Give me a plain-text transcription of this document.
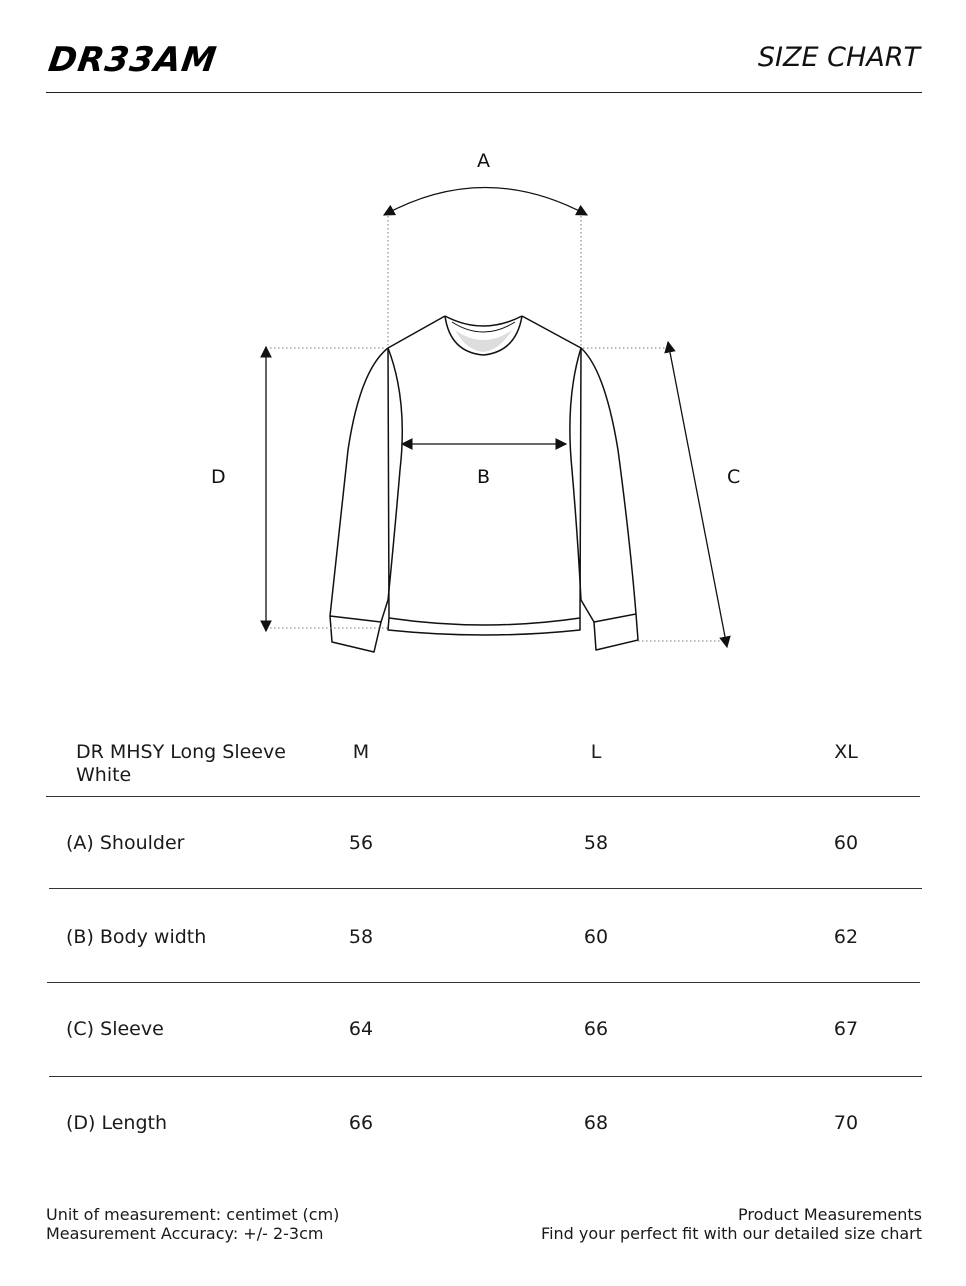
DR33AM	SIZE CHART
A
B	C
D
DR MHSY Long Sleeve White
M	L	XL
(A) Shoulder	56	58	60
(B) Body width	58	60	62
(C) Sleeve	64	66	67
(D) Length	66	68	70
Unit of measurement: centimet (cm)
Measurement Accuracy: +/- 2-3cm
Product Measurements
Find your perfect fit with our detailed size chart
